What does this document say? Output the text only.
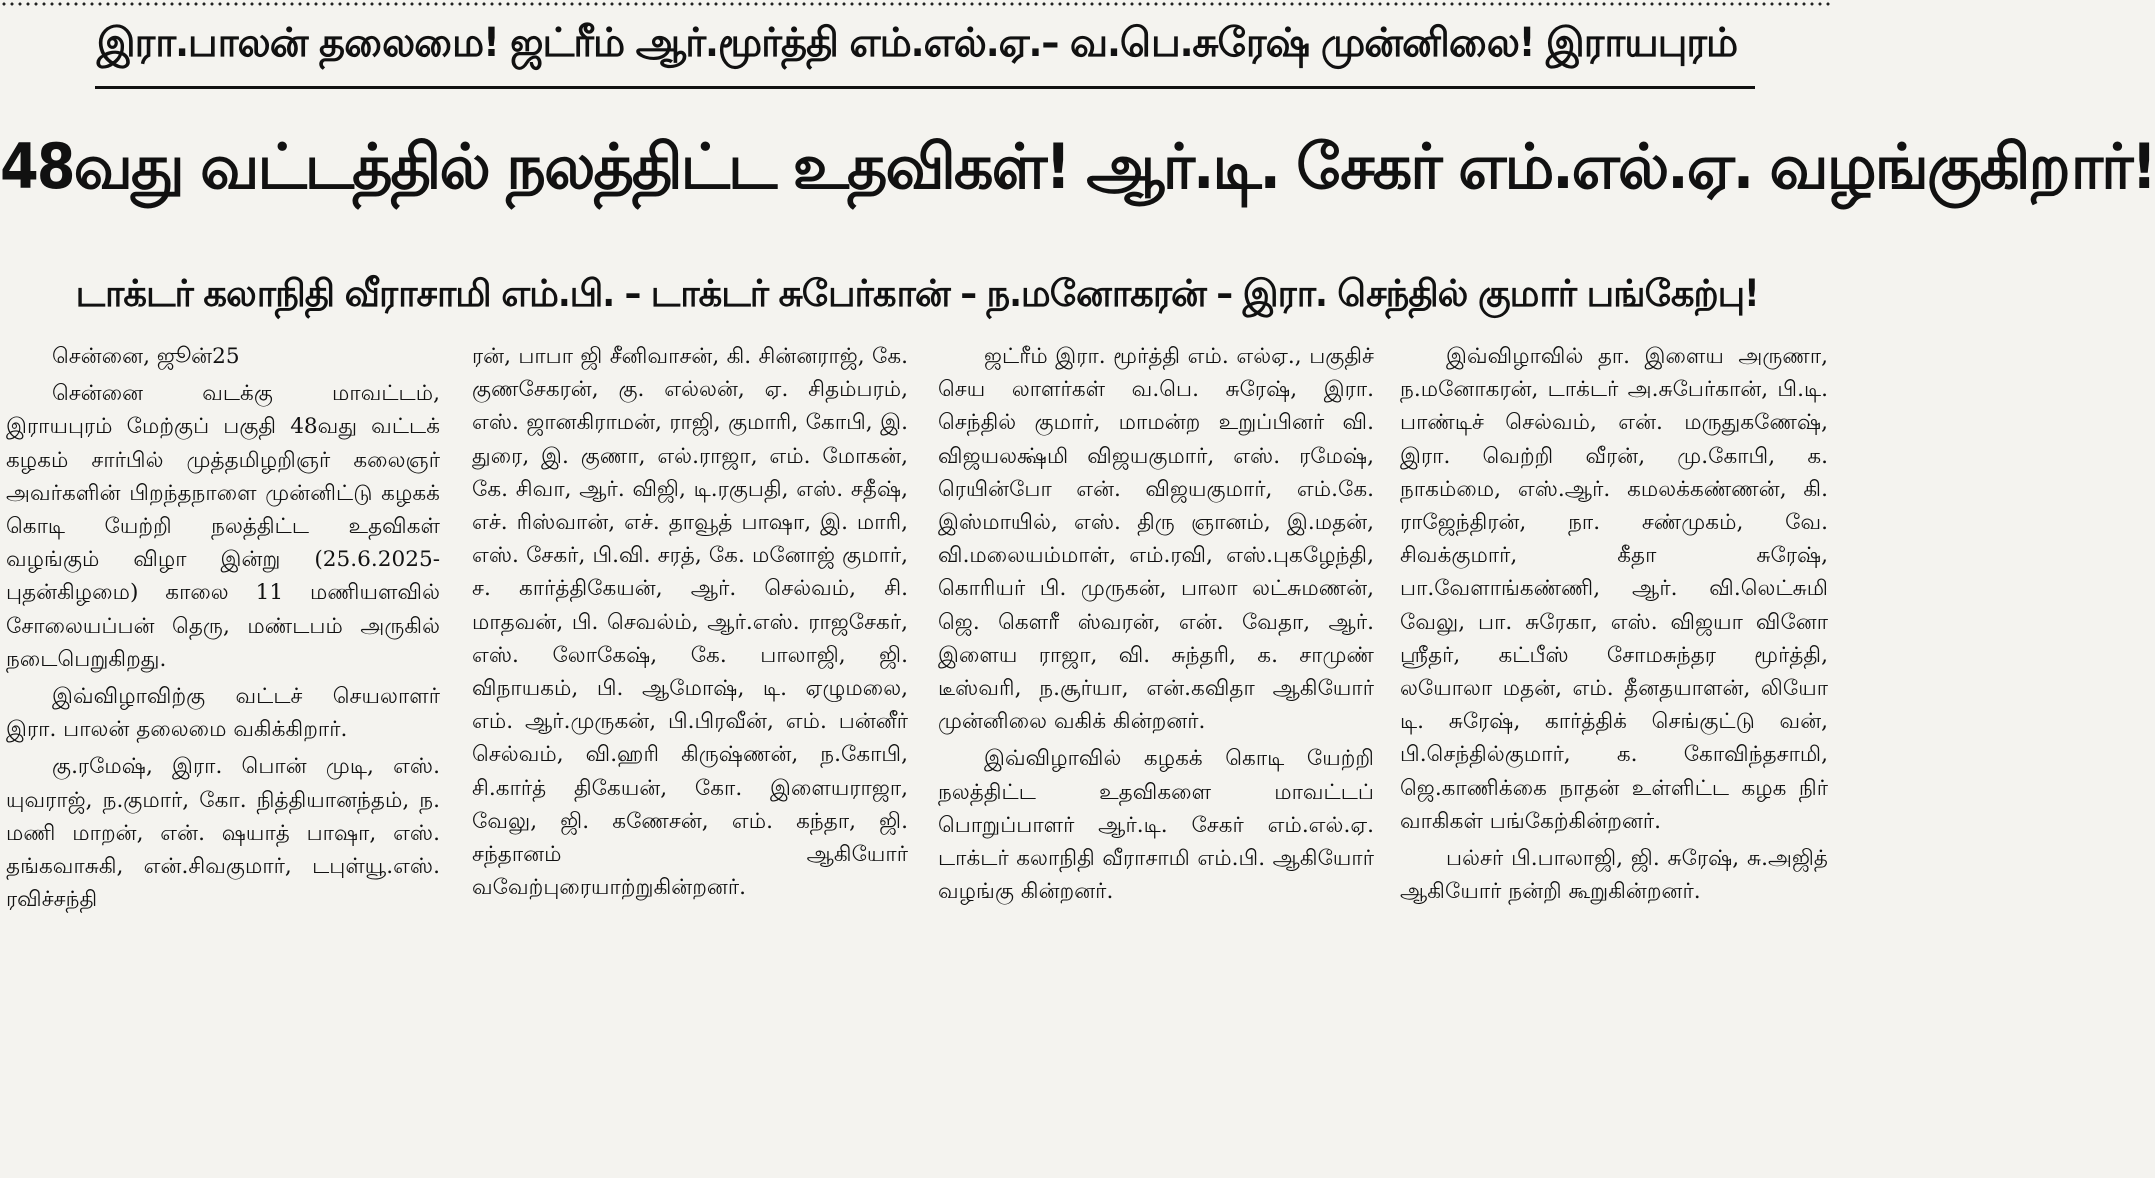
இரா.பாலன் தலைமை! ஜட்ரீம் ஆர்.மூர்த்தி எம்.எல்.ஏ.– வ.பெ.சுரேஷ் முன்னிலை! இராயபுரம்
48வது வட்டத்தில் நலத்திட்ட உதவிகள்! ஆர்.டி. சேகர் எம்.எல்.ஏ. வழங்குகிறார்!
டாக்டர் கலாநிதி வீராசாமி எம்.பி. – டாக்டர் சுபேர்கான் – ந.மனோகரன் – இரா. செந்தில் குமார் பங்கேற்பு!

சென்னை, ஜூன்25

சென்னை வடக்கு மாவட்டம், இராயபுரம் மேற்குப் பகுதி 48வது வட்டக் கழகம் சார்பில் முத்தமிழறிஞர் கலைஞர் அவர்களின் பிறந்தநாளை முன்னிட்டு கழகக் கொடி யேற்றி நலத்திட்ட உதவிகள் வழங்கும் விழா இன்று (25.6.2025-புதன்கிழமை) காலை 11 மணியளவில் சோலையப்பன் தெரு, மண்டபம் அருகில் நடைபெறுகிறது.

இவ்விழாவிற்கு வட்டச் செயலாளர் இரா. பாலன் தலைமை வகிக்கிறார்.

கு.ரமேஷ், இரா. பொன் முடி, எஸ். யுவராஜ், ந.குமார், கோ. நித்தியானந்தம், ந. மணி மாறன், என். ஷயாத் பாஷா, எஸ். தங்கவாசுகி, என்.சிவகுமார், டபுள்யூ.எஸ். ரவிச்சந்தி

ரன், பாபா ஜி சீனிவாசன், கி. சின்னராஜ், கே. குணசேகரன், கு. எல்லன், ஏ. சிதம்பரம், எஸ். ஜானகிராமன், ராஜி, குமாரி, கோபி, இ. துரை, இ. குணா, எல்.ராஜா, எம். மோகன், கே. சிவா, ஆர். விஜி, டி.ரகுபதி, எஸ். சதீஷ், எச். ரிஸ்வான், எச். தாவூத் பாஷா, இ. மாரி, எஸ். சேகர், பி.வி. சரத், கே. மனோஜ் குமார், ச. கார்த்திகேயன், ஆர். செல்வம், சி. மாதவன், பி. செவல்ம், ஆர்.எஸ். ராஜசேகர், எஸ். லோகேஷ், கே. பாலாஜி, ஜி. விநாயகம், பி. ஆமோஷ், டி. ஏழுமலை, எம். ஆர்.முருகன், பி.பிரவீன், எம். பன்னீர் செல்வம், வி.ஹரி கிருஷ்ணன், ந.கோபி, சி.கார்த் திகேயன், கோ. இளையராஜா, வேலு, ஜி. கணேசன், எம். கந்தா, ஜி. சந்தானம் ஆகியோர் வவேற்புரையாற்றுகின்றனர்.

ஜட்ரீம் இரா. மூர்த்தி எம். எல்ஏ., பகுதிச் செய லாளர்கள் வ.பெ. சுரேஷ், இரா. செந்தில் குமார், மாமன்ற உறுப்பினர் வி. விஜயலக்ஷ்மி விஜயகுமார், எஸ். ரமேஷ், ரெயின்போ என். விஜயகுமார், எம்.கே. இஸ்மாயில், எஸ். திரு ஞானம், இ.மதன், வி.மலையம்மாள், எம்.ரவி, எஸ்.புகழேந்தி, கொரியர் பி. முருகன், பாலா லட்சுமணன், ஜெ. கௌரீ ஸ்வரன், என். வேதா, ஆர். இளைய ராஜா, வி. சுந்தரி, க. சாமுண் டீஸ்வரி, ந.சூர்யா, என்.கவிதா ஆகியோர் முன்னிலை வகிக் கின்றனர்.

இவ்விழாவில் கழகக் கொடி யேற்றி நலத்திட்ட உதவிகளை மாவட்டப் பொறுப்பாளர் ஆர்.டி. சேகர் எம்.எல்.ஏ. டாக்டர் கலாநிதி வீராசாமி எம்.பி. ஆகியோர் வழங்கு கின்றனர்.

இவ்விழாவில் தா. இளைய அருணா, ந.மனோகரன், டாக்டர் அ.சுபேர்கான், பி.டி. பாண்டிச் செல்வம், என். மருதுகணேஷ், இரா. வெற்றி வீரன், மு.கோபி, க. நாகம்மை, எஸ்.ஆர். கமலக்கண்ணன், கி. ராஜேந்திரன், நா. சண்முகம், வே. சிவக்குமார், கீதா சுரேஷ், பா.வேளாங்கண்ணி, ஆர். வி.லெட்சுமி வேலு, பா. சுரேகா, எஸ். விஜயா வினோ ஸ்ரீதர், கட்பீஸ் சோமசுந்தர மூர்த்தி, லயோலா மதன், எம். தீனதயாளன், லியோ டி. சுரேஷ், கார்த்திக் செங்குட்டு வன், பி.செந்தில்குமார், க. கோவிந்தசாமி, ஜெ.காணிக்கை நாதன் உள்ளிட்ட கழக நிர் வாகிகள் பங்கேற்கின்றனர்.

பல்சர் பி.பாலாஜி, ஜி. சுரேஷ், சு.அஜித் ஆகியோர் நன்றி கூறுகின்றனர்.
